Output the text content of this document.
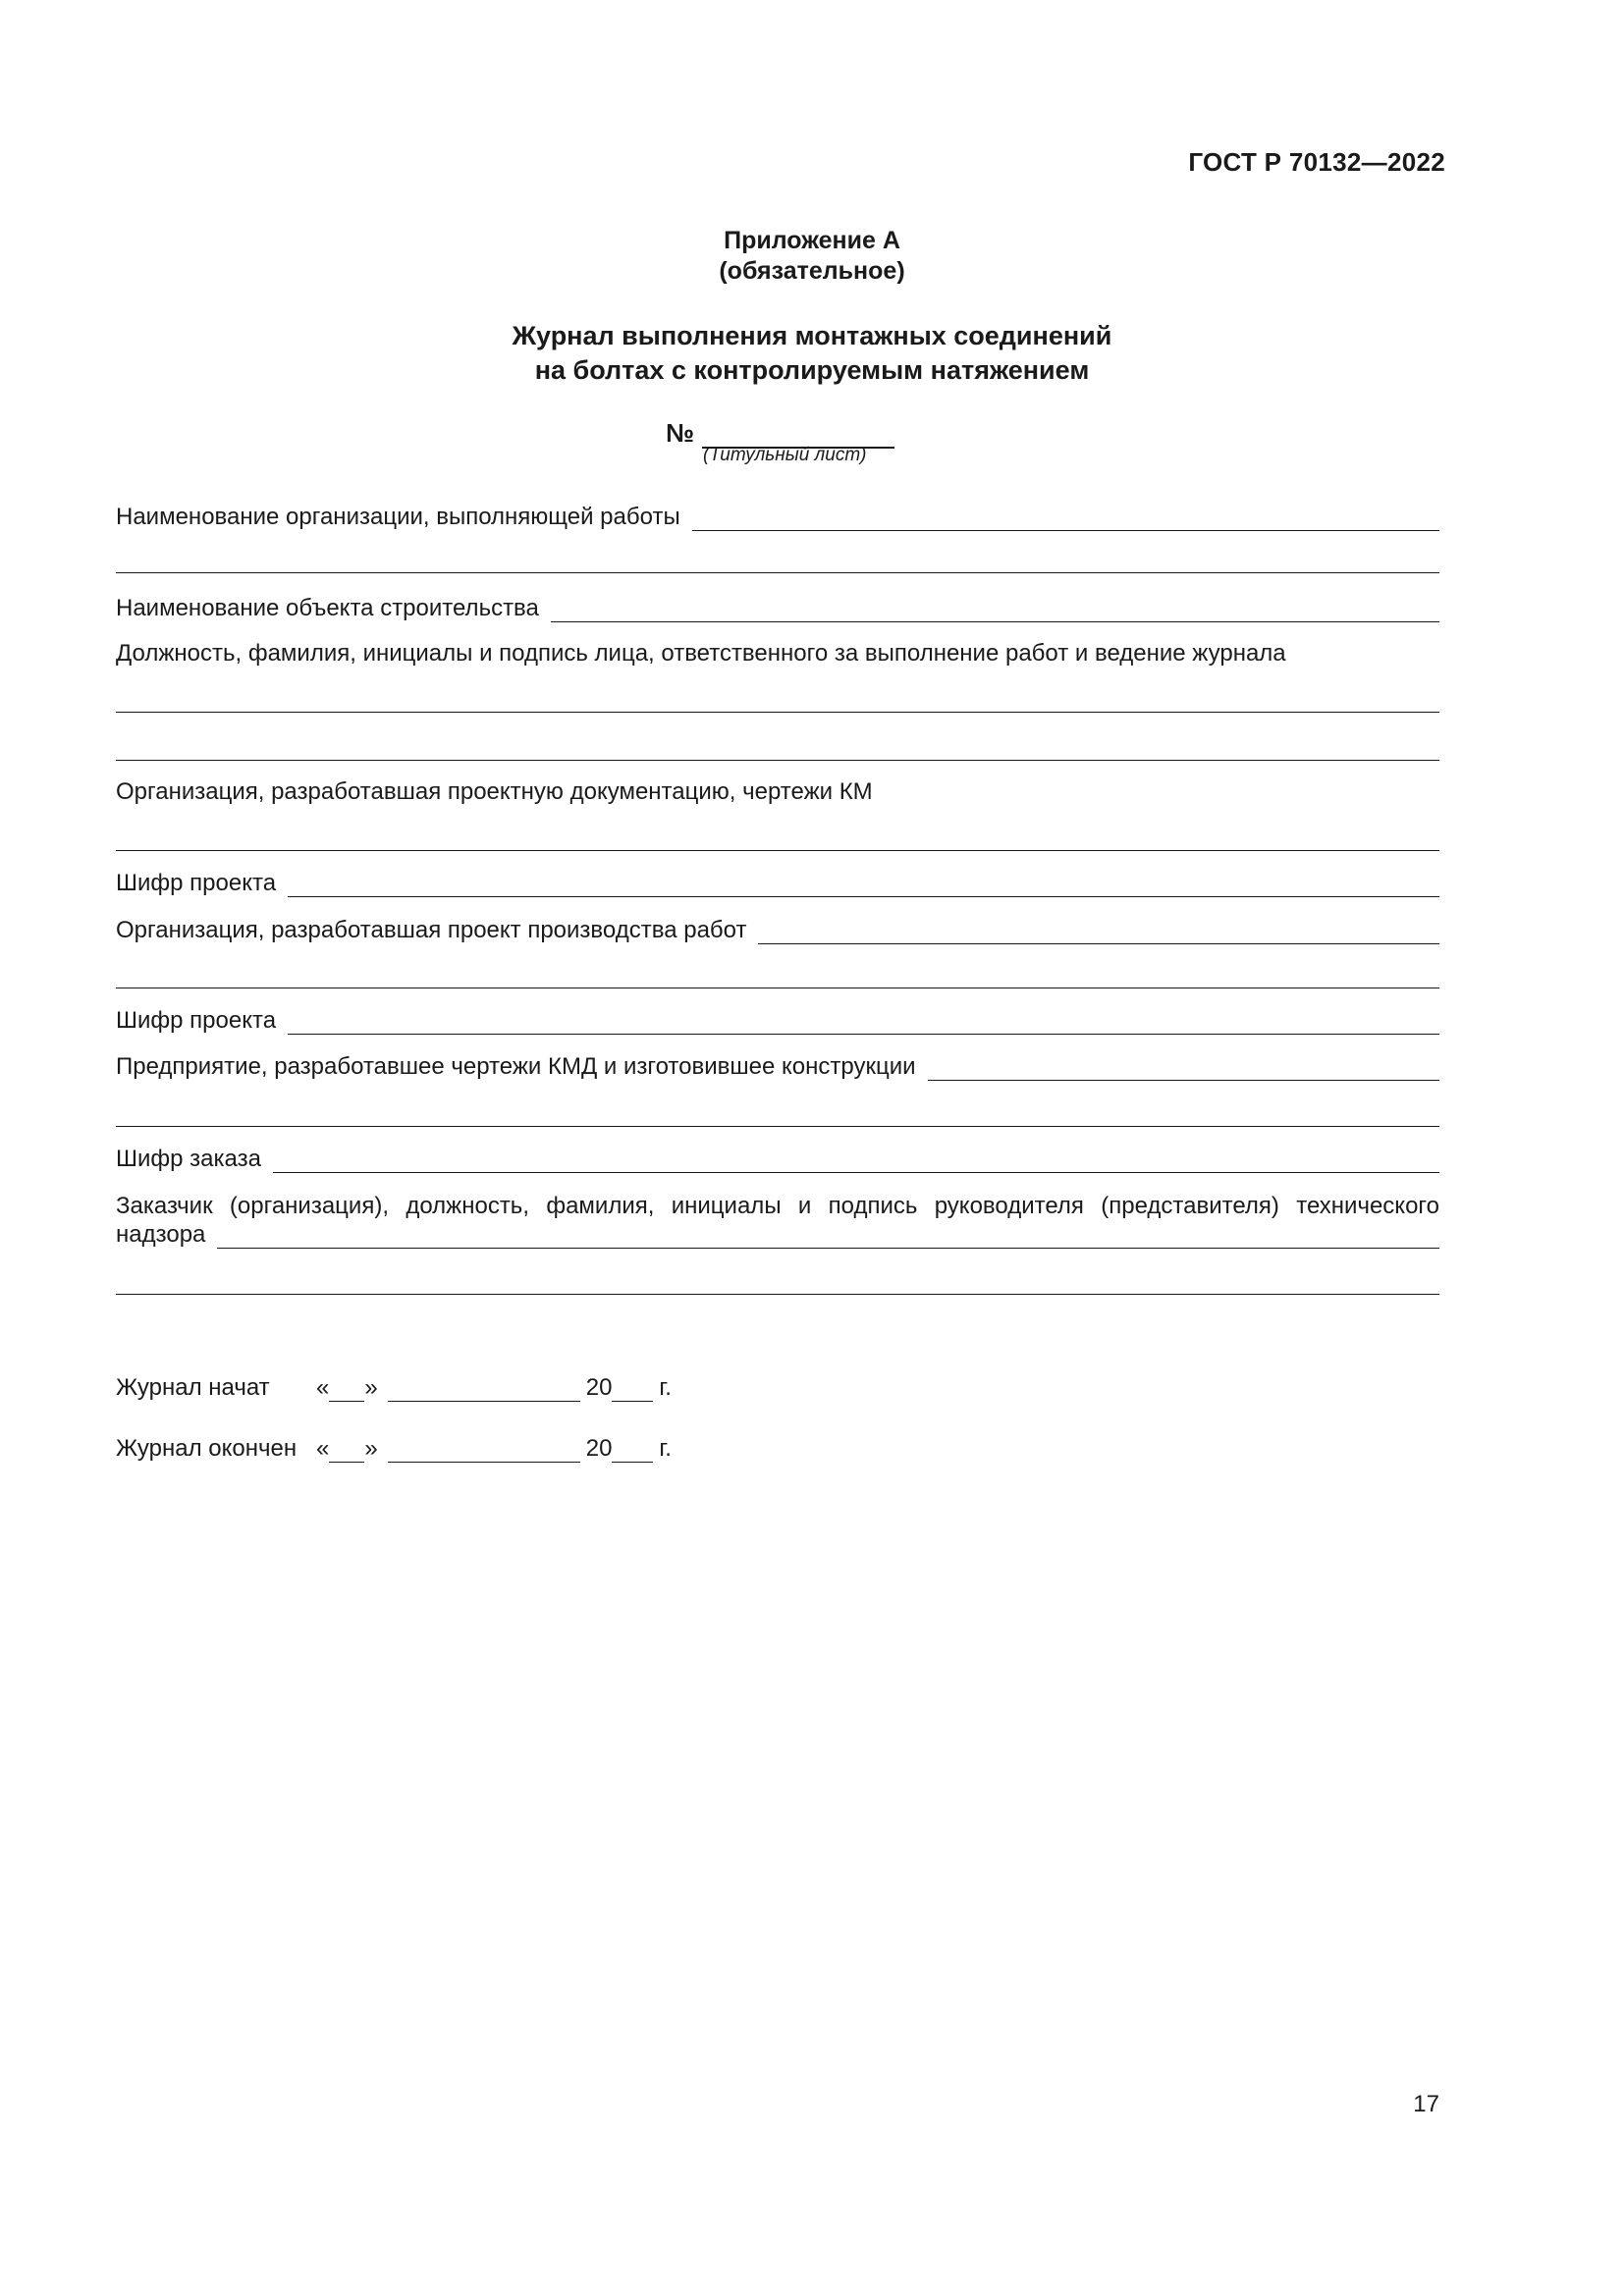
ГОСТ Р 70132—2022
Приложение А
(обязательное)
Журнал выполнения монтажных соединений
на болтах с контролируемым натяжением
№
(Титульный лист)
Наименование организации, выполняющей работы
Наименование объекта строительства
Должность, фамилия, инициалы и подпись лица, ответственного за выполнение работ и ведение журнала
Организация, разработавшая проектную документацию, чертежи КМ
Шифр проекта
Организация, разработавшая проект производства работ
Шифр проекта
Предприятие, разработавшее чертежи КМД и изготовившее конструкции
Шифр заказа
Заказчик (организация), должность, фамилия, инициалы и подпись руководителя (представителя) технического
надзора
Журнал начат	« »	20 г.
Журнал окончен « »	20 г.
17
